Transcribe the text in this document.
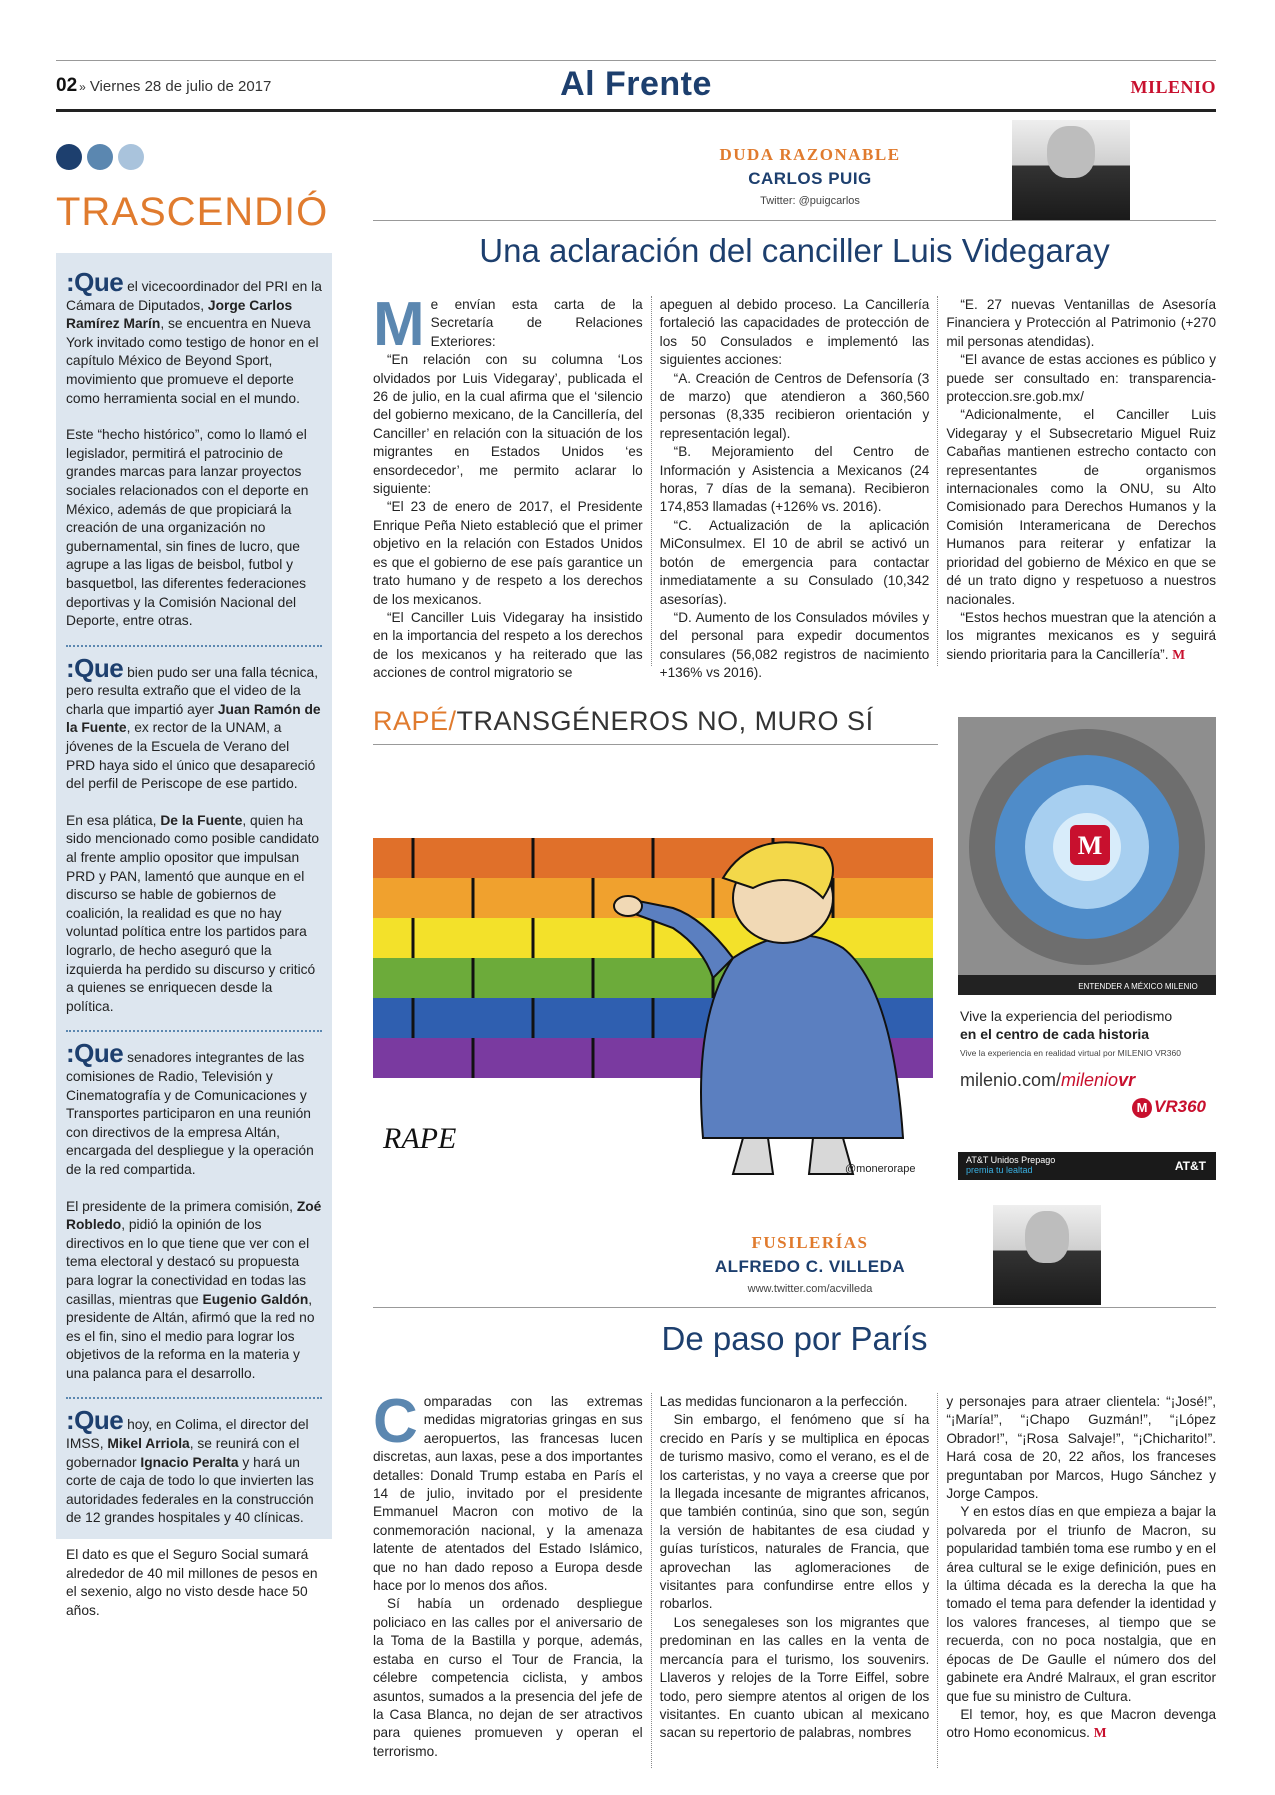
02 » Viernes 28 de julio de 2017	Al Frente	MILENIO
TRASCENDIÓ

:Que el vicecoordinador del PRI en la Cámara de Diputados, Jorge Carlos Ramírez Marín, se encuentra en Nueva York invitado como testigo de honor en el capítulo México de Beyond Sport, movimiento que promueve el deporte como herramienta social en el mundo.

Este “hecho histórico”, como lo llamó el legislador, permitirá el patrocinio de grandes marcas para lanzar proyectos sociales relacionados con el deporte en México, además de que propiciará la creación de una organización no gubernamental, sin fines de lucro, que agrupe a las ligas de beisbol, futbol y basquetbol, las diferentes federaciones deportivas y la Comisión Nacional del Deporte, entre otras.

:Que bien pudo ser una falla técnica, pero resulta extraño que el video de la charla que impartió ayer Juan Ramón de la Fuente, ex rector de la UNAM, a jóvenes de la Escuela de Verano del PRD haya sido el único que desapareció del perfil de Periscope de ese partido.

En esa plática, De la Fuente, quien ha sido mencionado como posible candidato al frente amplio opositor que impulsan PRD y PAN, lamentó que aunque en el discurso se hable de gobiernos de coalición, la realidad es que no hay voluntad política entre los partidos para lograrlo, de hecho aseguró que la izquierda ha perdido su discurso y criticó a quienes se enriquecen desde la política.

:Que senadores integrantes de las comisiones de Radio, Televisión y Cinematografía y de Comunicaciones y Transportes participaron en una reunión con directivos de la empresa Altán, encargada del despliegue y la operación de la red compartida.

El presidente de la primera comisión, Zoé Robledo, pidió la opinión de los directivos en lo que tiene que ver con el tema electoral y destacó su propuesta para lograr la conectividad en todas las casillas, mientras que Eugenio Galdón, presidente de Altán, afirmó que la red no es el fin, sino el medio para lograr los objetivos de la reforma en la materia y una palanca para el desarrollo.

:Que hoy, en Colima, el director del IMSS, Mikel Arriola, se reunirá con el gobernador Ignacio Peralta y hará un corte de caja de todo lo que invierten las autoridades federales en la construcción de 12 grandes hospitales y 40 clínicas.

El dato es que el Seguro Social sumará alrededor de 40 mil millones de pesos en el sexenio, algo no visto desde hace 50 años.

DUDA RAZONABLE
CARLOS PUIG
Twitter: @puigcarlos
Una aclaración del canciller Luis Videgaray
M e envían esta carta de la Secretaría de Relaciones Exteriores:

“En relación con su columna ‘Los olvidados por Luis Videgaray’, publicada el 26 de julio, en la cual afirma que el ‘silencio del gobierno mexicano, de la Cancillería, del Canciller’ en relación con la situación de los migrantes en Estados Unidos ‘es ensordecedor’, me permito aclarar lo siguiente:

“El 23 de enero de 2017, el Presidente Enrique Peña Nieto estableció que el primer objetivo en la relación con Estados Unidos es que el gobierno de ese país garantice un trato humano y de respeto a los derechos de los mexicanos.

“El Canciller Luis Videgaray ha insistido en la importancia del respeto a los derechos de los mexicanos y ha reiterado que las acciones de control migratorio se

apeguen al debido proceso. La Cancillería fortaleció las capacidades de protección de los 50 Consulados e implementó las siguientes acciones:

“A. Creación de Centros de Defensoría (3 de marzo) que atendieron a 360,560 personas (8,335 recibieron orientación y representación legal).

“B. Mejoramiento del Centro de Información y Asistencia a Mexicanos (24 horas, 7 días de la semana). Recibieron 174,853 llamadas (+126% vs. 2016).

“C. Actualización de la aplicación MiConsulmex. El 10 de abril se activó un botón de emergencia para contactar inmediatamente a su Consulado (10,342 asesorías).

“D. Aumento de los Consulados móviles y del personal para expedir documentos consulares (56,082 registros de nacimiento +136% vs 2016).

“E. 27 nuevas Ventanillas de Asesoría Financiera y Protección al Patrimonio (+270 mil personas atendidas).

“El avance de estas acciones es público y puede ser consultado en: transparencia-proteccion.sre.gob.mx/

“Adicionalmente, el Canciller Luis Videgaray y el Subsecretario Miguel Ruiz Cabañas mantienen estrecho contacto con representantes de organismos internacionales como la ONU, su Alto Comisionado para Derechos Humanos y la Comisión Interamericana de Derechos Humanos para reiterar y enfatizar la prioridad del gobierno de México en que se dé un trato digno y respetuoso a nuestros nacionales.

“Estos hechos muestran que la atención a los migrantes mexicanos es y seguirá siendo prioritaria para la Cancillería”. M

RAPÉ/TRANSGÉNEROS NO, MURO SÍ
RAPE
@monerorape
M
ENTENDER A MÉXICO MILENIO
Vive la experiencia del periodismo
en el centro de cada historia
Vive la experiencia en realidad virtual por MILENIO VR360
milenio.com/mileniovr
M VR360
AT&T Unidos Prepago
premia tu lealtad	AT&T
FUSILERÍAS
ALFREDO C. VILLEDA
www.twitter.com/acvilleda
De paso por París
C omparadas con las extremas medidas migratorias gringas en sus aeropuertos, las francesas lucen discretas, aun laxas, pese a dos importantes detalles: Donald Trump estaba en París el 14 de julio, invitado por el presidente Emmanuel Macron con motivo de la conmemoración nacional, y la amenaza latente de atentados del Estado Islámico, que no han dado reposo a Europa desde hace por lo menos dos años.

Sí había un ordenado despliegue policiaco en las calles por el aniversario de la Toma de la Bastilla y porque, además, estaba en curso el Tour de Francia, la célebre competencia ciclista, y ambos asuntos, sumados a la presencia del jefe de la Casa Blanca, no dejan de ser atractivos para quienes promueven y operan el terrorismo.

Las medidas funcionaron a la perfección.

Sin embargo, el fenómeno que sí ha crecido en París y se multiplica en épocas de turismo masivo, como el verano, es el de los carteristas, y no vaya a creerse que por la llegada incesante de migrantes africanos, que también continúa, sino que son, según la versión de habitantes de esa ciudad y guías turísticos, naturales de Francia, que aprovechan las aglomeraciones de visitantes para confundirse entre ellos y robarlos.

Los senegaleses son los migrantes que predominan en las calles en la venta de mercancía para el turismo, los souvenirs. Llaveros y relojes de la Torre Eiffel, sobre todo, pero siempre atentos al origen de los visitantes. En cuanto ubican al mexicano sacan su repertorio de palabras, nombres

y personajes para atraer clientela: “¡José!”, “¡María!”, “¡Chapo Guzmán!”, “¡López Obrador!”, “¡Rosa Salvaje!”, “¡Chicharito!”. Hará cosa de 20, 22 años, los franceses preguntaban por Marcos, Hugo Sánchez y Jorge Campos.

Y en estos días en que empieza a bajar la polvareda por el triunfo de Macron, su popularidad también toma ese rumbo y en el área cultural se le exige definición, pues en la última década es la derecha la que ha tomado el tema para defender la identidad y los valores franceses, al tiempo que se recuerda, con no poca nostalgia, que en épocas de De Gaulle el número dos del gabinete era André Malraux, el gran escritor que fue su ministro de Cultura.

El temor, hoy, es que Macron devenga otro Homo economicus. M
